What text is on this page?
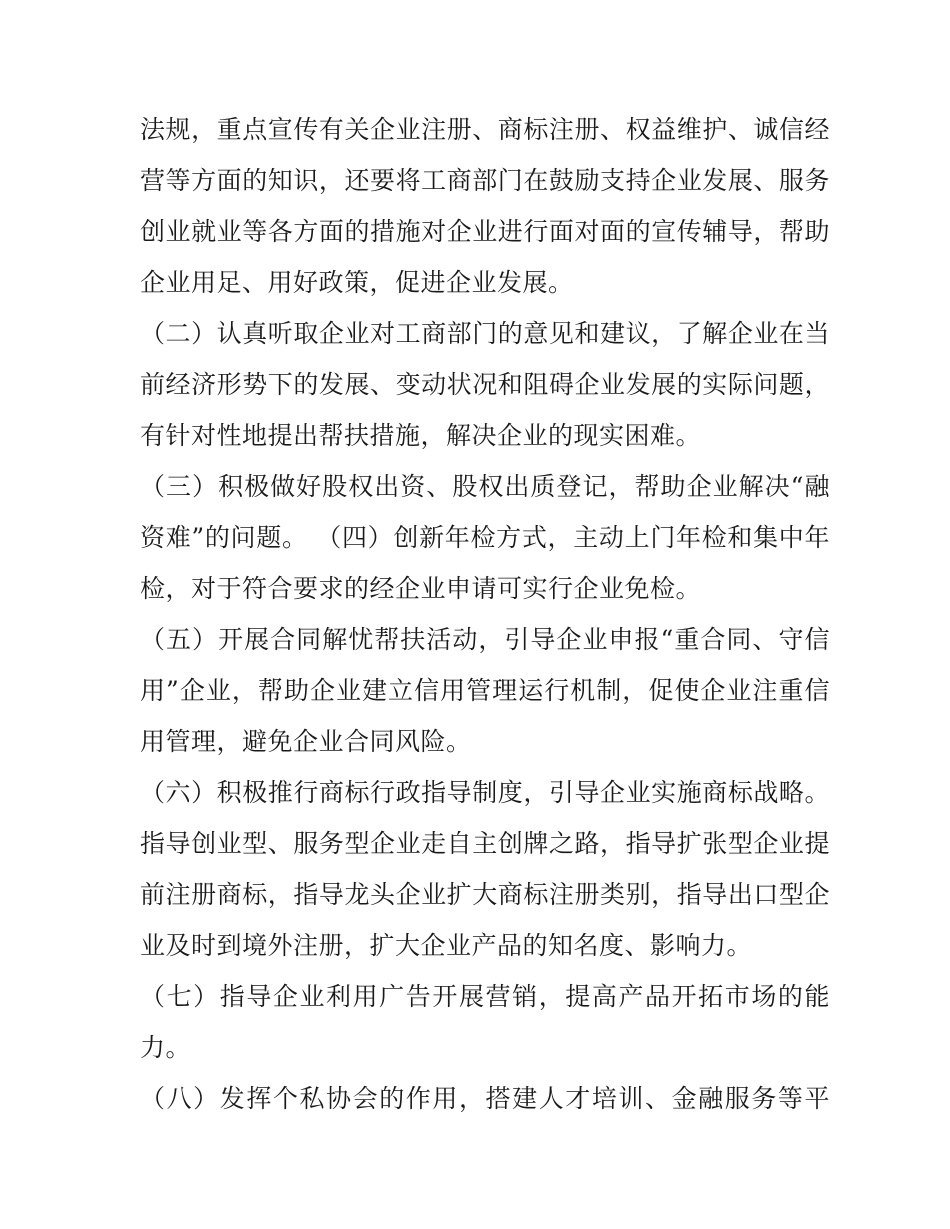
法规，重点宣传有关企业注册、商标注册、权益维护、诚信经
营等方面的知识，还要将工商部门在鼓励支持企业发展、服务
创业就业等各方面的措施对企业进行面对面的宣传辅导，帮助
企业用足、用好政策，促进企业发展。
（二）认真听取企业对工商部门的意见和建议，了解企业在当
前经济形势下的发展、变动状况和阻碍企业发展的实际问题，
有针对性地提出帮扶措施，解决企业的现实困难。
（三）积极做好股权出资、股权出质登记，帮助企业解决“融
资难”的问题。 （四）创新年检方式，主动上门年检和集中年
检，对于符合要求的经企业申请可实行企业免检。
（五）开展合同解忧帮扶活动，引导企业申报“重合同、守信
用”企业，帮助企业建立信用管理运行机制，促使企业注重信
用管理，避免企业合同风险。
（六）积极推行商标行政指导制度，引导企业实施商标战略。
指导创业型、服务型企业走自主创牌之路，指导扩张型企业提
前注册商标，指导龙头企业扩大商标注册类别，指导出口型企
业及时到境外注册，扩大企业产品的知名度、影响力。
（七）指导企业利用广告开展营销，提高产品开拓市场的能
力。
（八）发挥个私协会的作用，搭建人才培训、金融服务等平
